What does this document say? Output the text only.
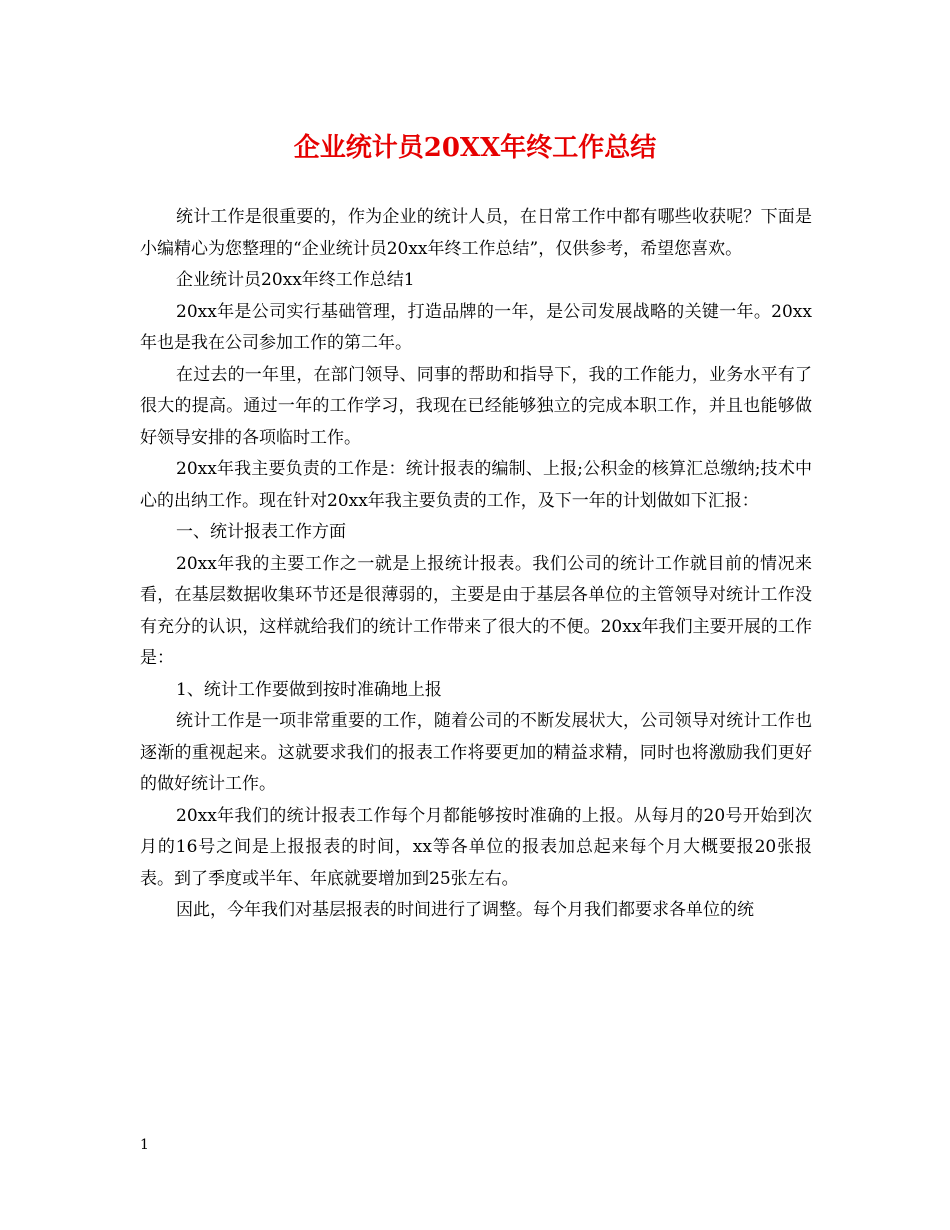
企业统计员20XX年终工作总结

统计工作是很重要的，作为企业的统计人员，在日常工作中都有哪些收获呢？下面是小编精心为您整理的“企业统计员20xx年终工作总结”，仅供参考，希望您喜欢。

企业统计员20xx年终工作总结1

20xx年是公司实行基础管理，打造品牌的一年，是公司发展战略的关键一年。20xx年也是我在公司参加工作的第二年。

在过去的一年里，在部门领导、同事的帮助和指导下，我的工作能力，业务水平有了很大的提高。通过一年的工作学习，我现在已经能够独立的完成本职工作，并且也能够做好领导安排的各项临时工作。

20xx年我主要负责的工作是：统计报表的编制、上报;公积金的核算汇总缴纳;技术中心的出纳工作。现在针对20xx年我主要负责的工作，及下一年的计划做如下汇报：

一、统计报表工作方面

20xx年我的主要工作之一就是上报统计报表。我们公司的统计工作就目前的情况来看，在基层数据收集环节还是很薄弱的，主要是由于基层各单位的主管领导对统计工作没有充分的认识，这样就给我们的统计工作带来了很大的不便。20xx年我们主要开展的工作是：

1、统计工作要做到按时准确地上报

统计工作是一项非常重要的工作，随着公司的不断发展状大，公司领导对统计工作也逐渐的重视起来。这就要求我们的报表工作将要更加的精益求精，同时也将激励我们更好的做好统计工作。

20xx年我们的统计报表工作每个月都能够按时准确的上报。从每月的20号开始到次月的16号之间是上报报表的时间，xx等各单位的报表加总起来每个月大概要报20张报表。到了季度或半年、年底就要增加到25张左右。

因此，今年我们对基层报表的时间进行了调整。每个月我们都要求各单位的统

1
